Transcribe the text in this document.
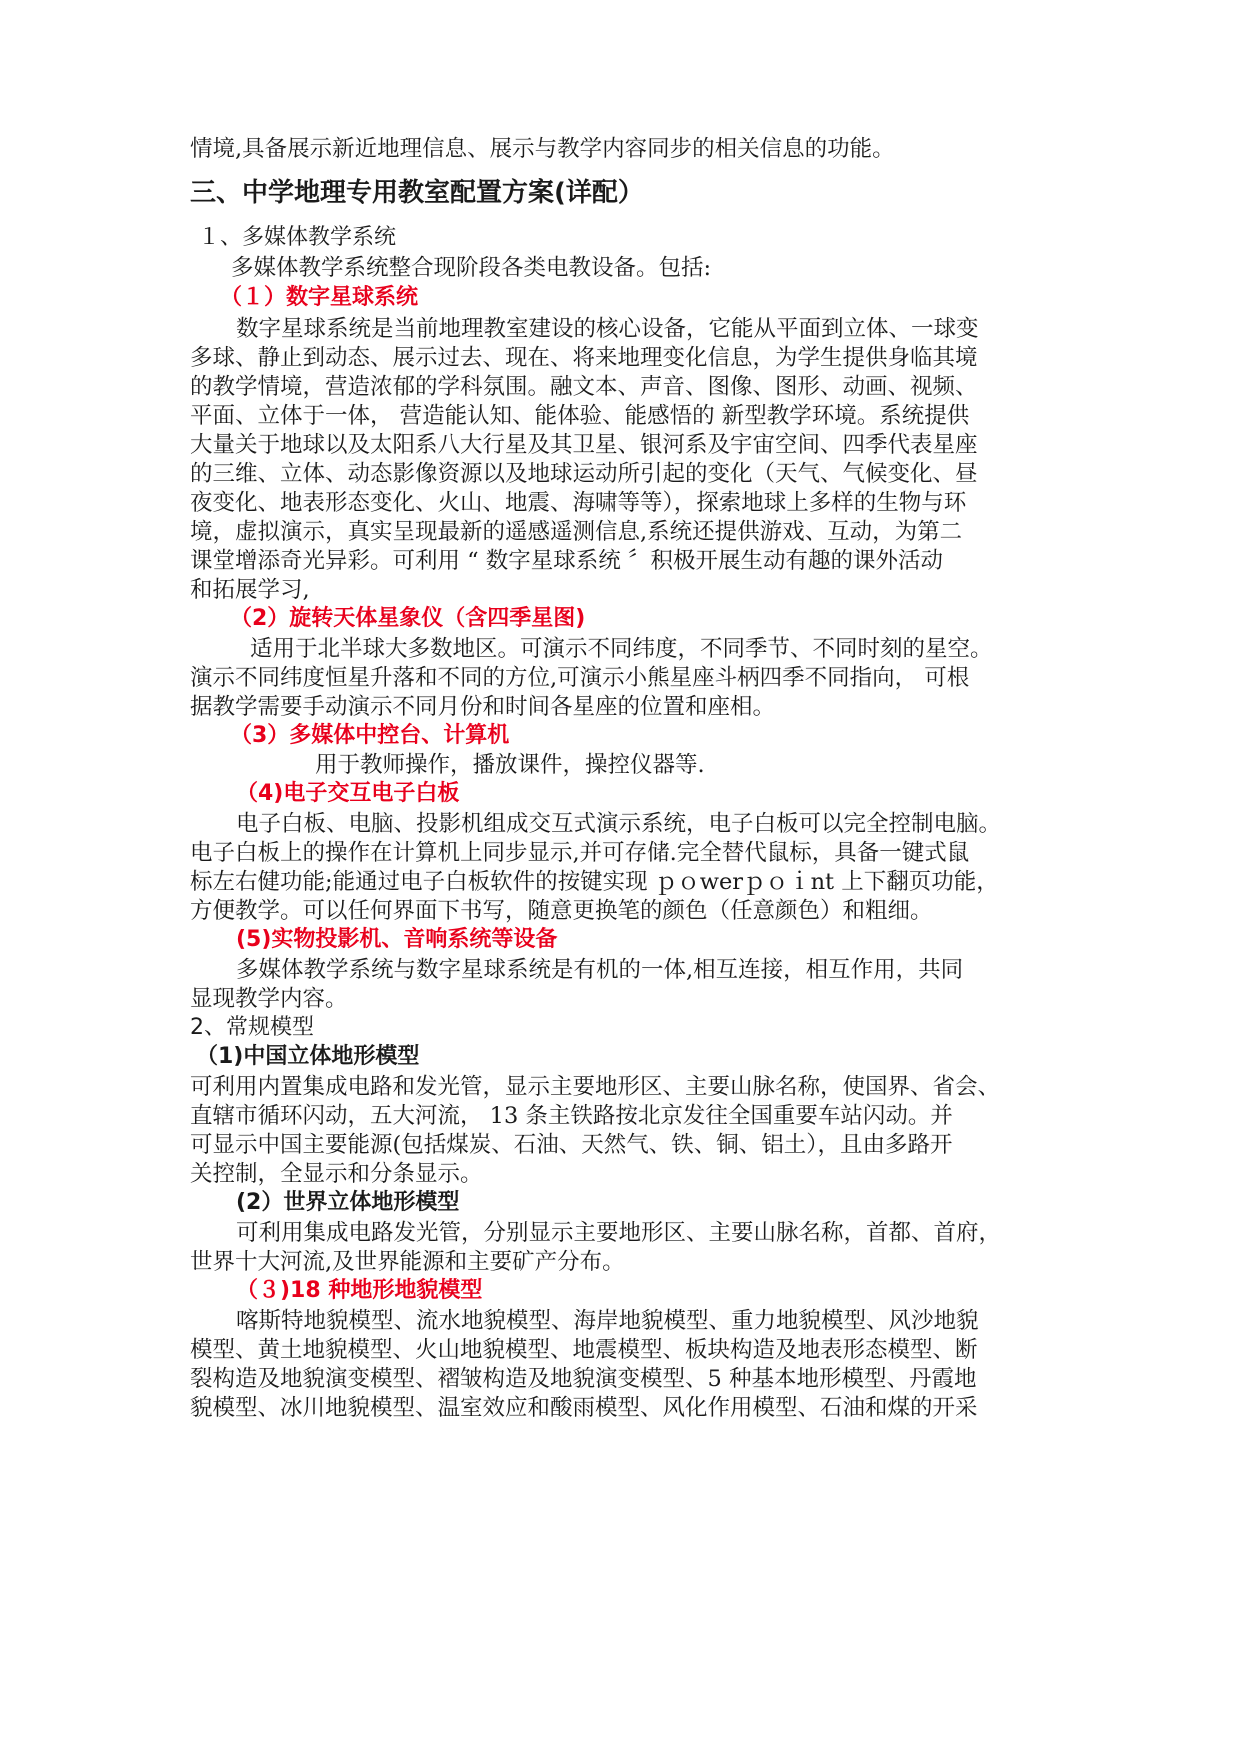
情境,具备展示新近地理信息、展示与教学内容同步的相关信息的功能。
三、中学地理专用教室配置方案(详配）
１、多媒体教学系统
多媒体教学系统整合现阶段各类电教设备。包括:
（１）数字星球系统
数字星球系统是当前地理教室建设的核心设备，它能从平面到立体、一球变
多球、静止到动态、展示过去、现在、将来地理变化信息，为学生提供身临其境
的教学情境，营造浓郁的学科氛围。融文本、声音、图像、图形、动画、视频、
平面、立体于一体， 营造能认知、能体验、能感悟的 新型教学环境。系统提供
大量关于地球以及太阳系八大行星及其卫星、银河系及宇宙空间、四季代表星座
的三维、立体、动态影像资源以及地球运动所引起的变化（天气、气候变化、昼
夜变化、地表形态变化、火山、地震、海啸等等），探索地球上多样的生物与环
境，虚拟演示，真实呈现最新的遥感遥测信息,系统还提供游戏、互动，为第二
课堂增添奇光异彩。可利用 “ 数字星球系统 〞积极开展生动有趣的课外活动
和拓展学习,
（2）旋转天体星象仪（含四季星图)
适用于北半球大多数地区。可演示不同纬度，不同季节、不同时刻的星空。
演示不同纬度恒星升落和不同的方位,可演示小熊星座斗柄四季不同指向， 可根
据教学需要手动演示不同月份和时间各星座的位置和座相。
（3）多媒体中控台、计算机
用于教师操作，播放课件，操控仪器等.
（4)电子交互电子白板
电子白板、电脑、投影机组成交互式演示系统，电子白板可以完全控制电脑。
电子白板上的操作在计算机上同步显示,并可存储.完全替代鼠标，具备一键式鼠
标左右健功能;能通过电子白板软件的按键实现 ｐｏwerｐｏｉnt 上下翻页功能，
方便教学。可以任何界面下书写，随意更换笔的颜色（任意颜色）和粗细。
(5)实物投影机、音响系统等设备
多媒体教学系统与数字星球系统是有机的一体,相互连接，相互作用，共同
显现教学内容。
2、常规模型
（1)中国立体地形模型
可利用内置集成电路和发光管，显示主要地形区、主要山脉名称，使国界、省会、
直辖市循环闪动，五大河流， 13 条主铁路按北京发往全国重要车站闪动。并
可显示中国主要能源(包括煤炭、石油、天然气、铁、铜、铝土），且由多路开
关控制，全显示和分条显示。
(2）世界立体地形模型
可利用集成电路发光管，分别显示主要地形区、主要山脉名称，首都、首府，
世界十大河流,及世界能源和主要矿产分布。
（３)18 种地形地貌模型
喀斯特地貌模型、流水地貌模型、海岸地貌模型、重力地貌模型、风沙地貌
模型、黄土地貌模型、火山地貌模型、地震模型、板块构造及地表形态模型、断
裂构造及地貌演变模型、褶皱构造及地貌演变模型、5 种基本地形模型、丹霞地
貌模型、冰川地貌模型、温室效应和酸雨模型、风化作用模型、石油和煤的开采
